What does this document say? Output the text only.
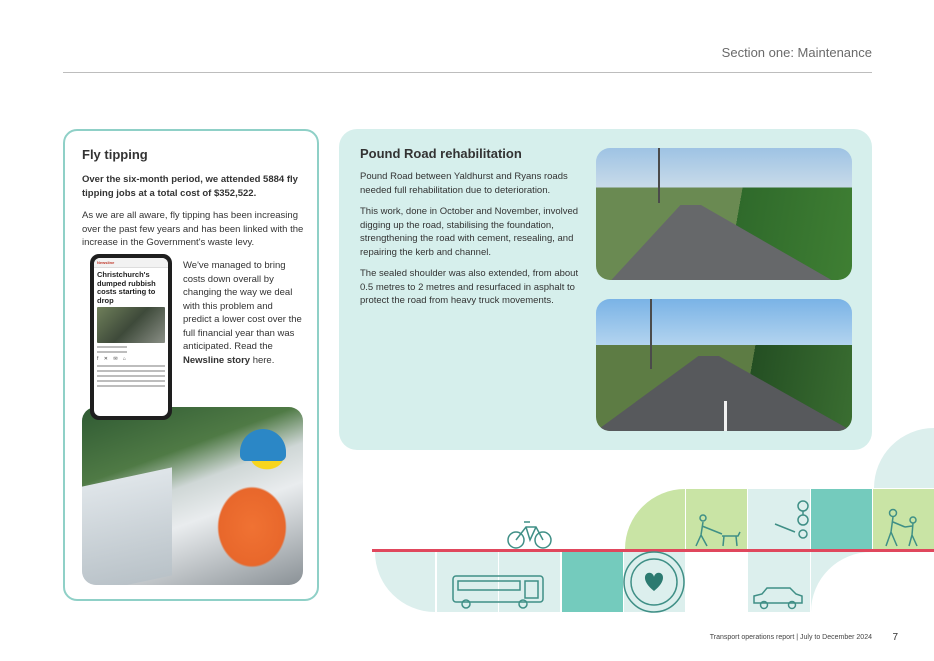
Section one: Maintenance
Fly tipping

Over the six-month period, we attended 5884 fly tipping jobs at a total cost of $352,522.

As we are all aware, fly tipping has been increasing over the past few years and has been linked with the increase in the Government's waste levy.

We've managed to bring costs down overall by changing the way we deal with this problem and predict a lower cost over the full financial year than was anticipated. Read the Newsline story here.

Newsline
Christchurch's dumped rubbish costs starting to drop
f ✕ ✉ ⌂
Pound Road rehabilitation

Pound Road between Yaldhurst and Ryans roads needed full rehabilitation due to deterioration.

This work, done in October and November, involved digging up the road, stabilising the foundation, strengthening the road with cement, resealing, and repairing the kerb and channel.

The sealed shoulder was also extended, from about 0.5 metres to 2 metres and resurfaced in asphalt to protect the road from heavy truck movements.

Transport operations report | July to December 2024 7
